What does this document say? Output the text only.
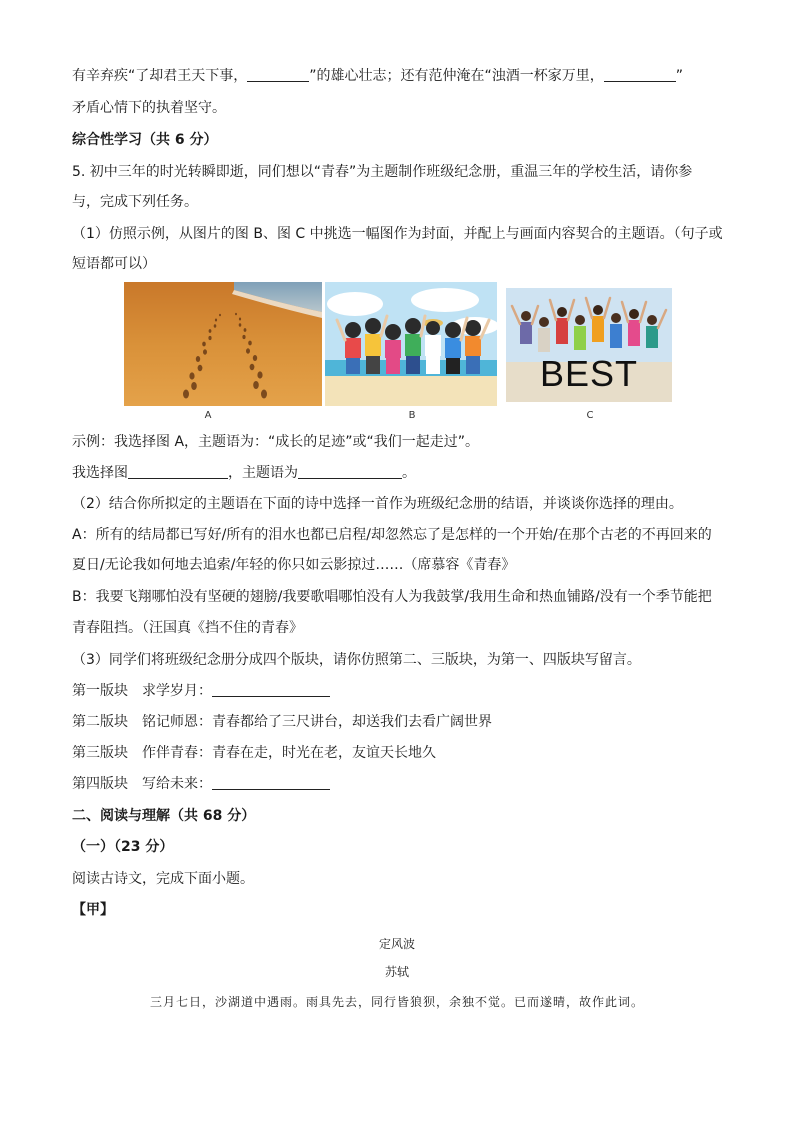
有辛弃疾“了却君王天下事，	”的雄心壮志；还有范仲淹在“浊酒一杯家万里，	”
矛盾心情下的执着坚守。
综合性学习（共 6 分）
5. 初中三年的时光转瞬即逝，同们想以“青春”为主题制作班级纪念册，重温三年的学校生活，请你参
与，完成下列任务。
（1）仿照示例，从图片的图 B、图 C 中挑选一幅图作为封面，并配上与画面内容契合的主题语。（句子或
短语都可以）
A	B
BEST
C
示例：我选择图 A，主题语为：“成长的足迹”或“我们一起走过”。
我选择图	，主题语为	。
（2）结合你所拟定的主题语在下面的诗中选择一首作为班级纪念册的结语，并谈谈你选择的理由。
A：所有的结局都已写好/所有的泪水也都已启程/却忽然忘了是怎样的一个开始/在那个古老的不再回来的
夏日/无论我如何地去追索/年轻的你只如云影掠过……（席慕容《青春》
B：我要飞翔哪怕没有坚硬的翅膀/我要歌唱哪怕没有人为我鼓掌/我用生命和热血铺路/没有一个季节能把
青春阻挡。（汪国真《挡不住的青春》
（3）同学们将班级纪念册分成四个版块，请你仿照第二、三版块，为第一、四版块写留言。
第一版块　求学岁月：
第二版块　铭记师恩：青春都给了三尺讲台，却送我们去看广阔世界
第三版块　作伴青春：青春在走，时光在老，友谊天长地久
第四版块　写给未来：
二、阅读与理解（共 68 分）
（一）（23 分）
阅读古诗文，完成下面小题。
【甲】
定风波
苏轼
三月七日，沙湖道中遇雨。雨具先去，同行皆狼狈，余独不觉。已而遂晴，故作此词。
